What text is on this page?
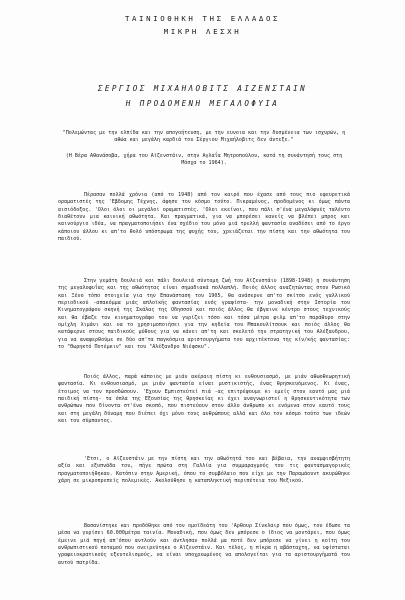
ΤΑΙΝΙΟΘΗΚΗ ΤΗΣ ΕΛΛΑΔΟΣ
ΜΙΚΡΗ ΛΕΣΧΗ
ΣΕΡΓΙΟΣ ΜΙΧΑΗΛΟΒΙΤΣ ΑΙΖΕΝΣΤΑΙΝ
Η ΠΡΟΔΟΜΕΝΗ ΜΕΓΑΛΟΦΥΙΑ
"Πολεμώντας με την ελπίδα και την απογοήτευση, με την ευνοια και την δυσμένεια των ισχυρών, η αθώα και μεγάλη καρδιά του Σέργιου Μιχαήλοβιτς δεν άντεξε."
(Η Βέρα Αθανάσοβα, χήρα του Αϊζενστάιν, στην Αγλαΐα Μητροπούλου, κατά τη συνάντησή τους στη Μόσχα το 1964).
Πέρασαν πολλά χρόνια (από το 1948) από τον καιρό που έχασε από τους πιο εφευρετικά οραματιστές της 'Εβδομης Τέχνης, άφησε τον κόσμο τούτο. Πικραμένος, προδομένος κι όμως πάντα αισιόδοξος. 'Ολοι όλοι οι μεγάλοι οραματιστές. 'Ολοι εκείνοι, που πάλι σ'ένα μεγαλόφυές ταλέντο διαθέτουν μια καινική αθωότητα. Και πραγματικά, για να μπορέσει κανείς να βλέπει μπρος και καινούργιο ιδέα, να πραγματοποιήσει ένα σχέδιο του μόνο μιά τρελλή φαντασία αναδέσει από το έργο κάποιου άλλου κι απ'το θολό υπόστρωμα της ψυχής του, χρειάζεται την πίστη και την αθωότητα του παιδιού.
Στην γεμάτη δουλειά και πάλι δουλειά σύντομη ζωή του Αϊζενστάιν (1898-1948) η συνάντηση της μεγαλοφυΐας και της αθωότητας είναι σημαδιακά πολλαπλή. Ποιός άλλος αναζητώντας στον Ρωσικό και Ξένο τόπο στοιχεία για την Επανάσταση του 1905, θα ανάσερνε απ'το σκίτσο ενός γαλλικού περιοδικού -απακόμμα μιάς απλοϊκής φαντασίας ενός γραφίστα- την μοναδική στην Ιστορία του Κινηματογράφου σκηνή της Σκάλας της Οδησσού και ποιός άλλος θα έβγαινε κέντρο στους τεχνικούς και θα έβαζε τον κινηματογράφο του να γυρίζει τόσο και τόσα μέτρα φιλμ απ'το παράθυρο στην ομίχλη λιμάνι και να το χρησιμοποιήσει για την κηδεία του Μπακουλίτσουκ και ποιός άλλος θα κατάφερνε στους παιδικούς μύθους για να κάνει απ'τη και σκελετό την στρατηγική του Αλέξανδρου, για να αναφερθούμε σε δύο απ'τα παγκόσμια αριστουργήματα του αρχιτέκτονα της κίν/κής φαντασίας: το "Θωρηκτό Ποτέμκιν" και του "Αλέξανδρο Νιέφσκυ".
Ποιός άλλος, παρά κάποιος με μιάν ακέραιη πίστη κι ενθουσιασμό, με μιάν αθωοθεωρητική φαντασία. Κι ενθουσιασμό, με μιάν φαντασία είναι μυστικιστής, ένας θρησκευόμενος. Κι ένας, έτοιμος να τον προσδώσουν. 'Εχουν Εμπιστεύτεί πιά -ας επιτρέψουμε κι εμείς στον εαυτό μας μιά παιδική πίστη- τα όπλα της Εξουσίας της θρησκείας κι έχει αναγνωριστεί η θρησκευτικότητα των ανθρώπων που δίνοντα στ'ένα σκοπό, που πιστεύουν στον άλλο άνθρωπο κι ενόμενα στον εαυτό τους και στη μεγάλη δύναμη που διέπει όχι μόνο τους ανθρώπους αλλά και όλο τον κόσμο τούτο των ιδεών και του σύμπαντος.
'Ετσι, ο Αϊζενστάιν με την πίστη και την αθωότητά του και βέβαια, την αναμφισβήτητη αξία και εξυπνάδα του, πήγε πρώτα στη Γαλλία για συμμαραγμούς του τις φαντασμαγορικές πραγματοποιήθηκαν. Κατόπιν στην Αμερική, όπου το συμβόλαιο που είχε με την Παραμάουντ ακυρώθηκε χάρη σε μικροπρεπείς πολεμικές. Ακολούθησε η καταπληκτική περιπέτεια του Μεξικού.
Βασανίστηκε και προδόθηκε από τον ομοϊδεάτη του 'Αρθουρ Σίνκλαιρ που όμως, του έδωσε τα μέσα να γυρίσει 60.000μέτρα ταινία. Μοναδική, που όμως δεν μπόρεσε ο ίδιος να μοντάρει, που όμως έμεινε μιά πηγή απ'όπου αντλούν και άντλησαν πολλά μα ποτέ δεν μπόρεσε να γίνει η κοίτη του ανθρωπιστικού ποταμού που ονειρεύτηκε ο Αϊζενστάιν. Και τέλος, η πίκρα η αβάσταχτη, να υφίσταται γραφειοκρατικούς εξευτελισμούς, να είναι υποχρεωμένος να απολογείται για τα αριστουργήματά του αυτού πατρίδα.
